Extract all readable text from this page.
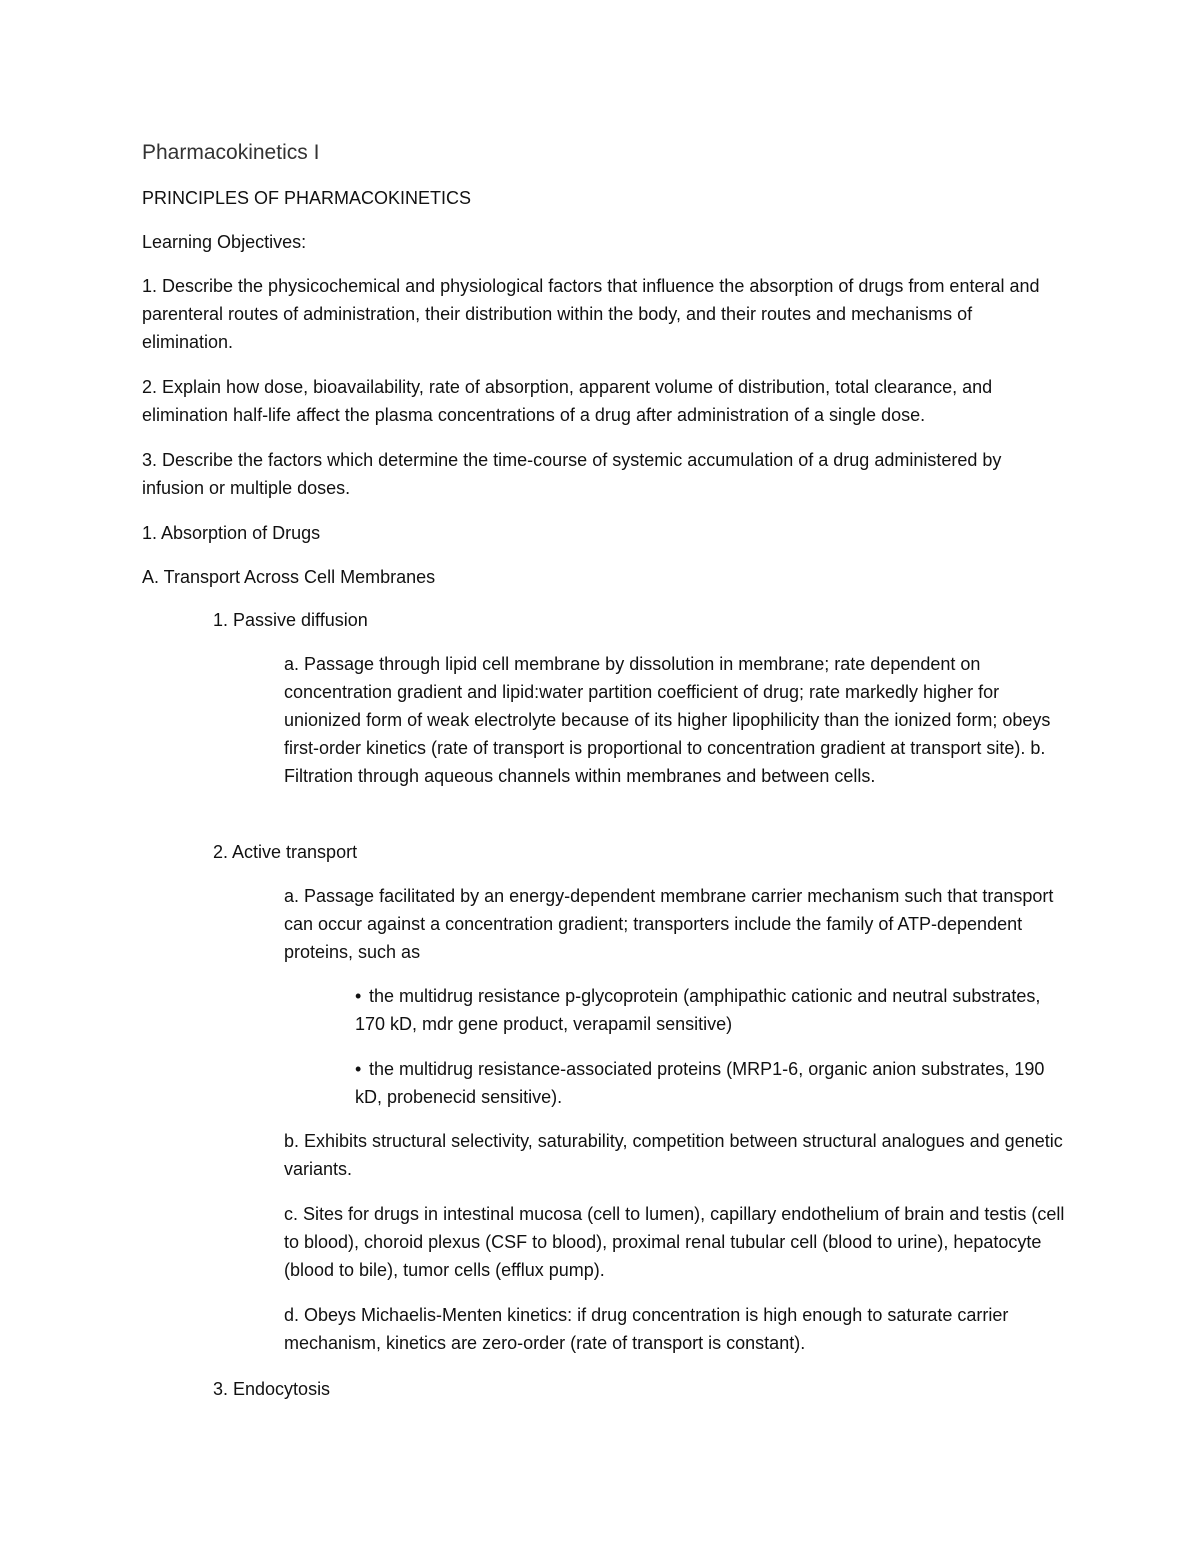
Pharmacokinetics I

PRINCIPLES OF PHARMACOKINETICS

Learning Objectives:

1. Describe the physicochemical and physiological factors that influence the absorption of drugs from enteral and parenteral routes of administration, their distribution within the body, and their routes and mechanisms of elimination.

2. Explain how dose, bioavailability, rate of absorption, apparent volume of distribution, total clearance, and elimination half-life affect the plasma concentrations of a drug after administration of a single dose.

3. Describe the factors which determine the time-course of systemic accumulation of a drug administered by infusion or multiple doses.

1. Absorption of Drugs

A. Transport Across Cell Membranes

1. Passive diffusion

a. Passage through lipid cell membrane by dissolution in membrane; rate dependent on concentration gradient and lipid:water partition coefficient of drug; rate markedly higher for unionized form of weak electrolyte because of its higher lipophilicity than the ionized form; obeys first-order kinetics (rate of transport is proportional to concentration gradient at transport site). b. Filtration through aqueous channels within membranes and between cells.

2. Active transport

a. Passage facilitated by an energy-dependent membrane carrier mechanism such that transport can occur against a concentration gradient; transporters include the family of ATP-dependent proteins, such as

• the multidrug resistance p-glycoprotein (amphipathic cationic and neutral substrates, 170 kD, mdr gene product, verapamil sensitive)

• the multidrug resistance-associated proteins (MRP1-6, organic anion substrates, 190 kD, probenecid sensitive).

b. Exhibits structural selectivity, saturability, competition between structural analogues and genetic variants.

c. Sites for drugs in intestinal mucosa (cell to lumen), capillary endothelium of brain and testis (cell to blood), choroid plexus (CSF to blood), proximal renal tubular cell (blood to urine), hepatocyte (blood to bile), tumor cells (efflux pump).

d. Obeys Michaelis-Menten kinetics: if drug concentration is high enough to saturate carrier mechanism, kinetics are zero-order (rate of transport is constant).

3. Endocytosis
